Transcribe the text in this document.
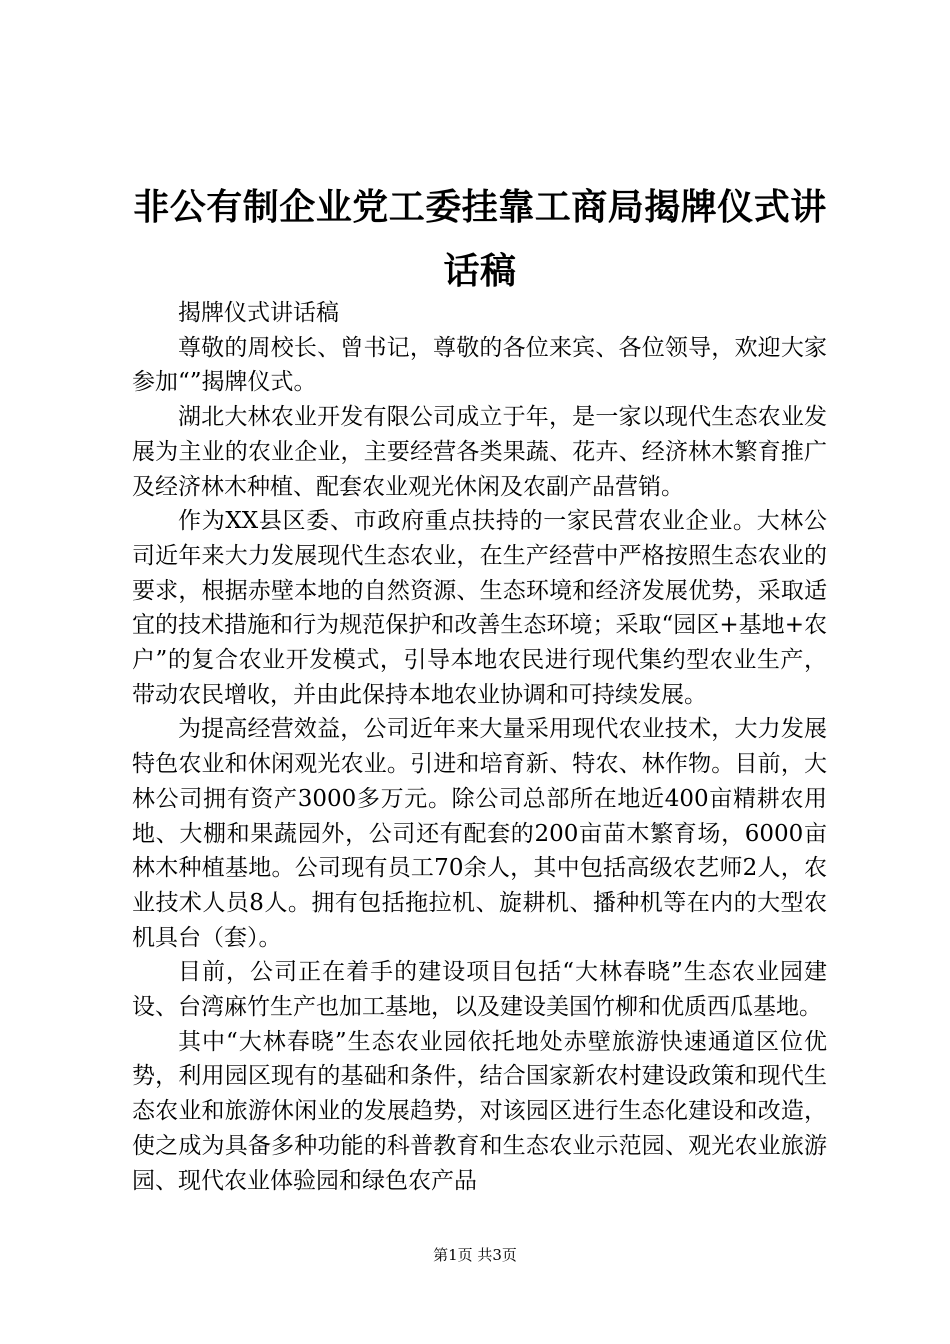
非公有制企业党工委挂靠工商局揭牌仪式讲话稿

揭牌仪式讲话稿

尊敬的周校长、曾书记，尊敬的各位来宾、各位领导，欢迎大家参加“”揭牌仪式。

湖北大林农业开发有限公司成立于年，是一家以现代生态农业发展为主业的农业企业，主要经营各类果蔬、花卉、经济林木繁育推广及经济林木种植、配套农业观光休闲及农副产品营销。

作为XX县区委、市政府重点扶持的一家民营农业企业。大林公司近年来大力发展现代生态农业，在生产经营中严格按照生态农业的要求，根据赤壁本地的自然资源、生态环境和经济发展优势，采取适宜的技术措施和行为规范保护和改善生态环境；采取“园区+基地+农户”的复合农业开发模式，引导本地农民进行现代集约型农业生产，带动农民增收，并由此保持本地农业协调和可持续发展。

为提高经营效益，公司近年来大量采用现代农业技术，大力发展特色农业和休闲观光农业。引进和培育新、特农、林作物。目前，大林公司拥有资产3000多万元。除公司总部所在地近400亩精耕农用地、大棚和果蔬园外，公司还有配套的200亩苗木繁育场，6000亩林木种植基地。公司现有员工70余人，其中包括高级农艺师2人，农业技术人员8人。拥有包括拖拉机、旋耕机、播种机等在内的大型农机具台（套）。

目前，公司正在着手的建设项目包括“大林春晓”生态农业园建设、台湾麻竹生产也加工基地，以及建设美国竹柳和优质西瓜基地。

其中“大林春晓”生态农业园依托地处赤壁旅游快速通道区位优势，利用园区现有的基础和条件，结合国家新农村建设政策和现代生态农业和旅游休闲业的发展趋势，对该园区进行生态化建设和改造，使之成为具备多种功能的科普教育和生态农业示范园、观光农业旅游园、现代农业体验园和绿色农产品

第1页 共3页
